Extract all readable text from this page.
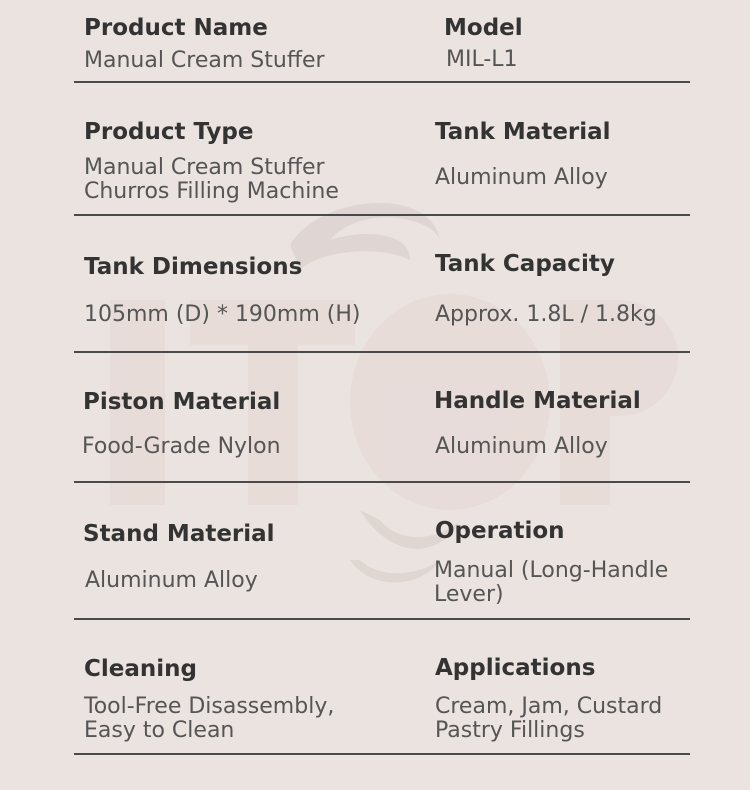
ITOP
Product Name
Manual Cream Stuffer
Model
MIL-L1
Product Type
Manual Cream Stuffer
Churros Filling Machine
Tank Material
Aluminum Alloy
Tank Dimensions
105mm (D) * 190mm (H)
Tank Capacity
Approx. 1.8L / 1.8kg
Piston Material
Food-Grade Nylon
Handle Material
Aluminum Alloy
Stand Material
Aluminum Alloy
Operation
Manual (Long-Handle
Lever)
Cleaning
Tool-Free Disassembly,
Easy to Clean
Applications
Cream, Jam, Custard
Pastry Fillings
